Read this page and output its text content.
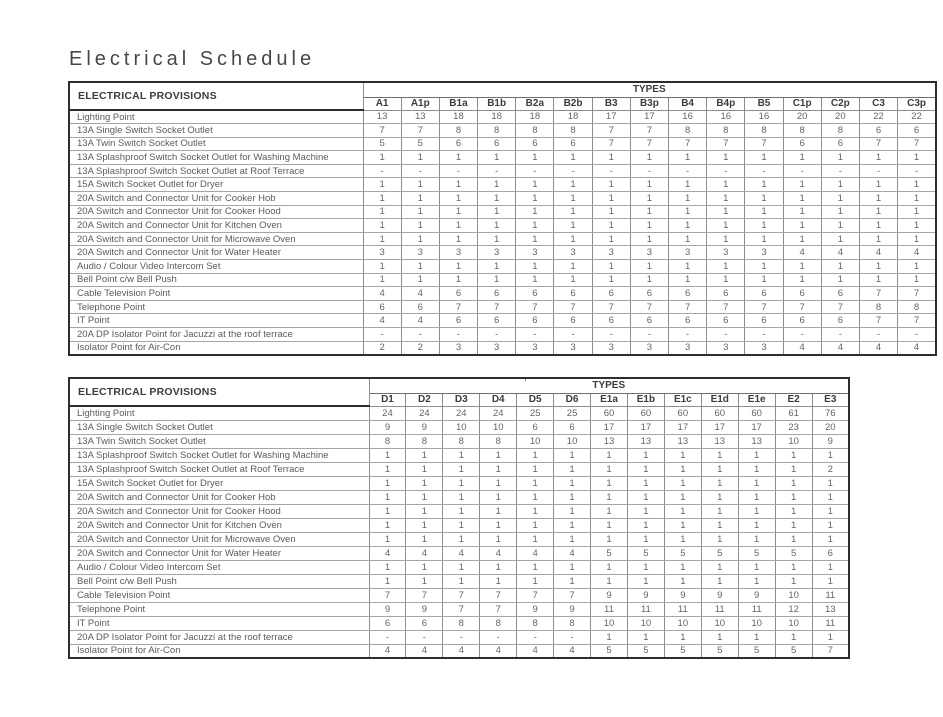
Electrical Schedule
ELECTRICAL PROVISIONS	TYPES														
	A1	A1p	B1a	B1b	B2a	B2b	B3	B3p	B4	B4p	B5	C1p	C2p	C3	C3p
Lighting Point	13	13	18	18	18	18	17	17	16	16	16	20	20	22	22
13A Single Switch Socket Outlet	7	7	8	8	8	8	7	7	8	8	8	8	8	6	6
13A Twin Switch Socket Outlet	5	5	6	6	6	6	7	7	7	7	7	6	6	7	7
13A Splashproof Switch Socket Outlet for Washing Machine	1	1	1	1	1	1	1	1	1	1	1	1	1	1	1
13A Splashproof Switch Socket Outlet at Roof Terrace	-	-	-	-	-	-	-	-	-	-	-	-	-	-	-
15A Switch Socket Outlet for Dryer	1	1	1	1	1	1	1	1	1	1	1	1	1	1	1
20A Switch and Connector Unit for Cooker Hob	1	1	1	1	1	1	1	1	1	1	1	1	1	1	1
20A Switch and Connector Unit for Cooker Hood	1	1	1	1	1	1	1	1	1	1	1	1	1	1	1
20A Switch and Connector Unit for Kitchen Oven	1	1	1	1	1	1	1	1	1	1	1	1	1	1	1
20A Switch and Connector Unit for Microwave Oven	1	1	1	1	1	1	1	1	1	1	1	1	1	1	1
20A Switch and Connector Unit for Water Heater	3	3	3	3	3	3	3	3	3	3	3	4	4	4	4
Audio / Colour Video Intercom Set	1	1	1	1	1	1	1	1	1	1	1	1	1	1	1
Bell Point c/w Bell Push	1	1	1	1	1	1	1	1	1	1	1	1	1	1	1
Cable Television Point	4	4	6	6	6	6	6	6	6	6	6	6	6	7	7
Telephone Point	6	6	7	7	7	7	7	7	7	7	7	7	7	8	8
IT Point	4	4	6	6	6	6	6	6	6	6	6	6	6	7	7
20A DP Isolator Point for Jacuzzi at the roof terrace	-	-	-	-	-	-	-	-	-	-	-	-	-	-	-
Isolator Point for Air-Con	2	2	3	3	3	3	3	3	3	3	3	4	4	4	4
ELECTRICAL PROVISIONS	' TYPES												
	D1	D2	D3	D4	D5	D6	E1a	E1b	E1c	E1d	E1e	E2	E3
Lighting Point	24	24	24	24	25	25	60	60	60	60	60	61	76
13A Single Switch Socket Outlet	9	9	10	10	6	6	17	17	17	17	17	23	20
13A Twin Switch Socket Outlet	8	8	8	8	10	10	13	13	13	13	13	10	9
13A Splashproof Switch Socket Outlet for Washing Machine	1	1	1	1	1	1	1	1	1	1	1	1	1
13A Splashproof Switch Socket Outlet at Roof Terrace	1	1	1	1	1	1	1	1	1	1	1	1	2
15A Switch Socket Outlet for Dryer	1	1	1	1	1	1	1	1	1	1	1	1	1
20A Switch and Connector Unit for Cooker Hob	1	1	1	1	1	1	1	1	1	1	1	1	1
20A Switch and Connector Unit for Cooker Hood	1	1	1	1	1	1	1	1	1	1	1	1	1
20A Switch and Connector Unit for Kitchen Oven	1	1	1	1	1	1	1	1	1	1	1	1	1
20A Switch and Connector Unit for Microwave Oven	1	1	1	1	1	1	1	1	1	1	1	1	1
20A Switch and Connector Unit for Water Heater	4	4	4	4	4	4	5	5	5	5	5	5	6
Audio / Colour Video Intercom Set	1	1	1	1	1	1	1	1	1	1	1	1	1
Bell Point c/w Bell Push	1	1	1	1	1	1	1	1	1	1	1	1	1
Cable Television Point	7	7	7	7	7	7	9	9	9	9	9	10	11
Telephone Point	9	9	7	7	9	9	11	11	11	11	11	12	13
IT Point	6	6	8	8	8	8	10	10	10	10	10	10	11
20A DP Isolator Point for Jacuzzi at the roof terrace	-	-	-	-	-	-	1	1	1	1	1	1	1
Isolator Point for Air-Con	4	4	4	4	4	4	5	5	5	5	5	5	7
